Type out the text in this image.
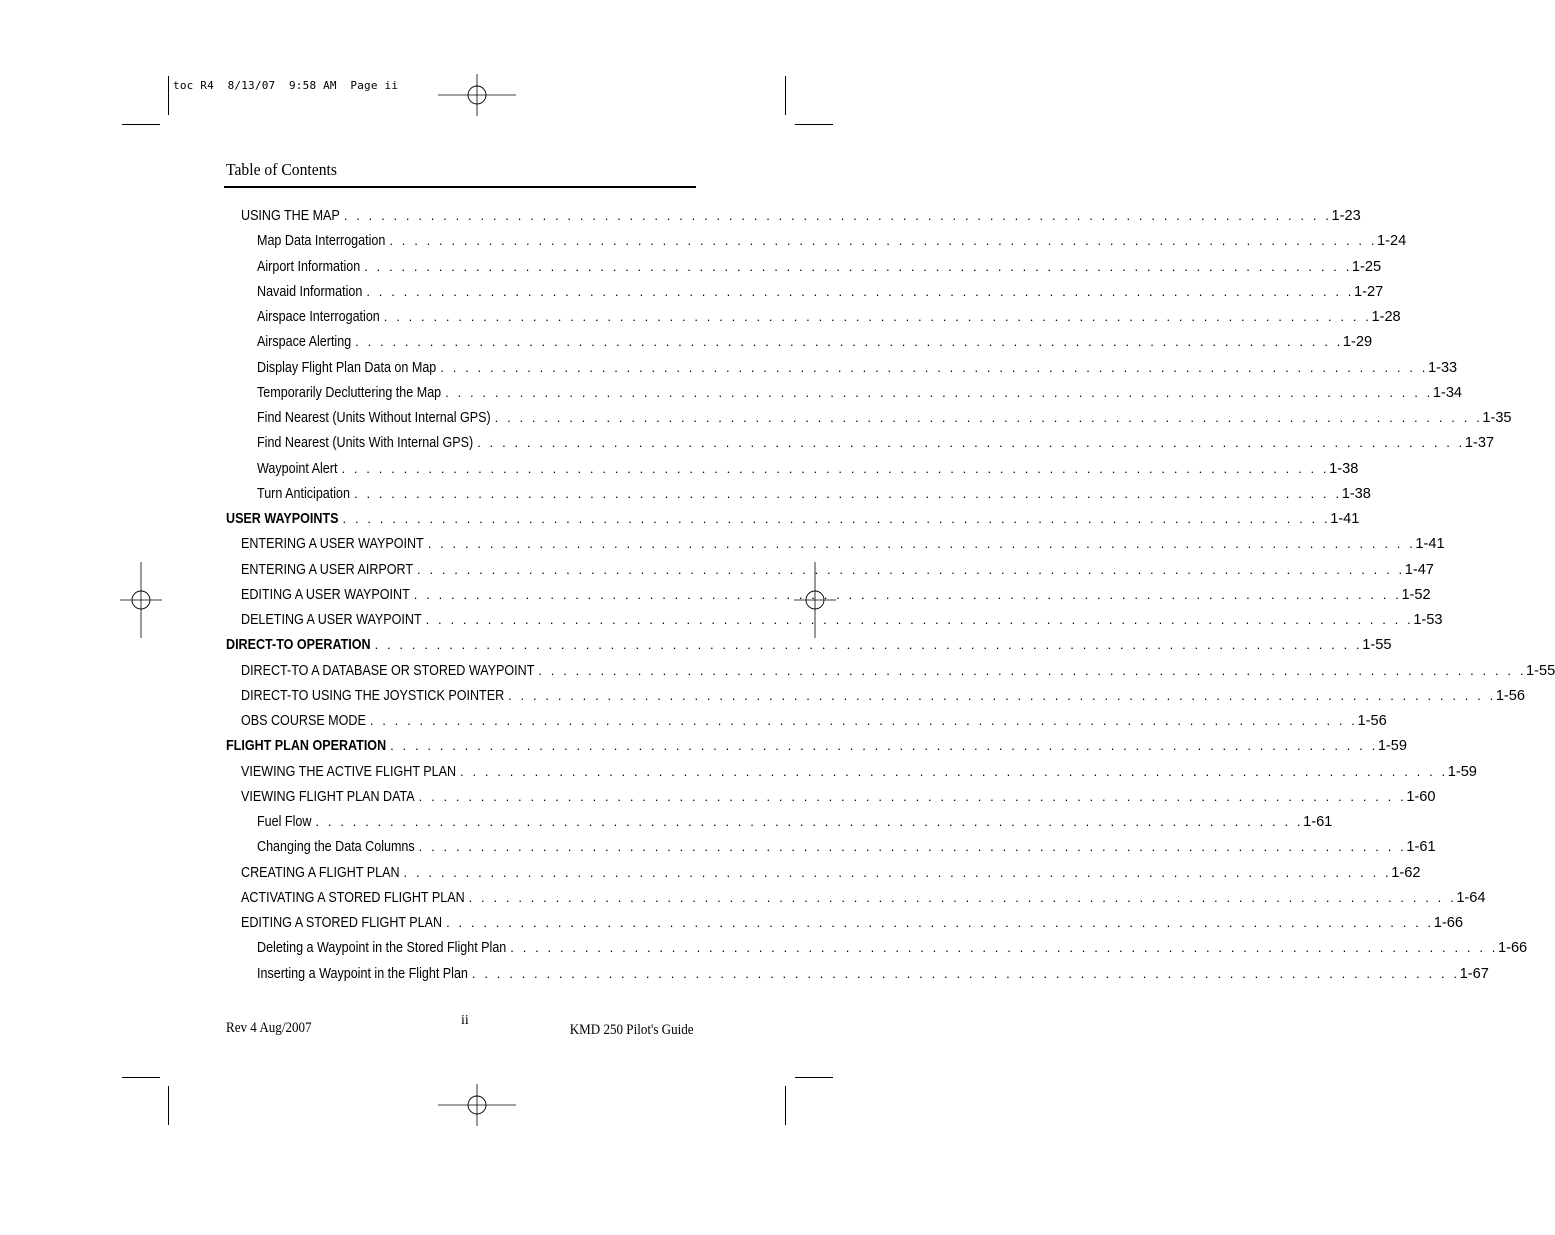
toc R4  8/13/07  9:58 AM  Page ii
Table of Contents
USING THE MAP . . . . . . . . . . . . . . . . . . . . . . . . . . . . . . . . . . . . . . . . . . . . . . . . . . . . . . . . . . . . . . . . . . . . . . . . . . . . . . . . 1-23
Map Data Interrogation . . . . . . . . . . . . . . . . . . . . . . . . . . . . . . . . . . . . . . . . . . . . . . . . . . . . . . . . . . . . . . . . . . . . . . . . . . . . . . . . 1-24
Airport Information . . . . . . . . . . . . . . . . . . . . . . . . . . . . . . . . . . . . . . . . . . . . . . . . . . . . . . . . . . . . . . . . . . . . . . . . . . . . . . . . 1-25
Navaid Information . . . . . . . . . . . . . . . . . . . . . . . . . . . . . . . . . . . . . . . . . . . . . . . . . . . . . . . . . . . . . . . . . . . . . . . . . . . . . . . . 1-27
Airspace Interrogation . . . . . . . . . . . . . . . . . . . . . . . . . . . . . . . . . . . . . . . . . . . . . . . . . . . . . . . . . . . . . . . . . . . . . . . . . . . . . . . . 1-28
Airspace Alerting . . . . . . . . . . . . . . . . . . . . . . . . . . . . . . . . . . . . . . . . . . . . . . . . . . . . . . . . . . . . . . . . . . . . . . . . . . . . . . . . 1-29
Display Flight Plan Data on Map . . . . . . . . . . . . . . . . . . . . . . . . . . . . . . . . . . . . . . . . . . . . . . . . . . . . . . . . . . . . . . . . . . . . . . . . . . . . . . . . 1-33
Temporarily Decluttering the Map . . . . . . . . . . . . . . . . . . . . . . . . . . . . . . . . . . . . . . . . . . . . . . . . . . . . . . . . . . . . . . . . . . . . . . . . . . . . . . . . 1-34
Find Nearest (Units Without Internal GPS) . . . . . . . . . . . . . . . . . . . . . . . . . . . . . . . . . . . . . . . . . . . . . . . . . . . . . . . . . . . . . . . . . . . . . . . . . . . . . . . . 1-35
Find Nearest (Units With Internal GPS) . . . . . . . . . . . . . . . . . . . . . . . . . . . . . . . . . . . . . . . . . . . . . . . . . . . . . . . . . . . . . . . . . . . . . . . . . . . . . . . . 1-37
Waypoint Alert . . . . . . . . . . . . . . . . . . . . . . . . . . . . . . . . . . . . . . . . . . . . . . . . . . . . . . . . . . . . . . . . . . . . . . . . . . . . . . . . 1-38
Turn Anticipation . . . . . . . . . . . . . . . . . . . . . . . . . . . . . . . . . . . . . . . . . . . . . . . . . . . . . . . . . . . . . . . . . . . . . . . . . . . . . . . . 1-38
USER WAYPOINTS . . . . . . . . . . . . . . . . . . . . . . . . . . . . . . . . . . . . . . . . . . . . . . . . . . . . . . . . . . . . . . . . . . . . . . . . . . . . . . . . 1-41
ENTERING A USER WAYPOINT . . . . . . . . . . . . . . . . . . . . . . . . . . . . . . . . . . . . . . . . . . . . . . . . . . . . . . . . . . . . . . . . . . . . . . . . . . . . . . . . 1-41
ENTERING A USER AIRPORT . . . . . . . . . . . . . . . . . . . . . . . . . . . . . . . . . . . . . . . . . . . . . . . . . . . . . . . . . . . . . . . . . . . . . . . . . . . . . . . . 1-47
EDITING A USER WAYPOINT . . . . . . . . . . . . . . . . . . . . . . . . . . . . . . . . . . . . . . . . . . . . . . . . . . . . . . . . . . . . . . . . . . . . . . . . . . . . . . . . 1-52
DELETING A USER WAYPOINT . . . . . . . . . . . . . . . . . . . . . . . . . . . . . . . . . . . . . . . . . . . . . . . . . . . . . . . . . . . . . . . . . . . . . . . . . . . . . . . . 1-53
DIRECT-TO OPERATION . . . . . . . . . . . . . . . . . . . . . . . . . . . . . . . . . . . . . . . . . . . . . . . . . . . . . . . . . . . . . . . . . . . . . . . . . . . . . . . . 1-55
DIRECT-TO A DATABASE OR STORED WAYPOINT . . . . . . . . . . . . . . . . . . . . . . . . . . . . . . . . . . . . . . . . . . . . . . . . . . . . . . . . . . . . . . . . . . . . . . . . . . . . . . . . 1-55
DIRECT-TO USING THE JOYSTICK POINTER . . . . . . . . . . . . . . . . . . . . . . . . . . . . . . . . . . . . . . . . . . . . . . . . . . . . . . . . . . . . . . . . . . . . . . . . . . . . . . . . 1-56
OBS COURSE MODE . . . . . . . . . . . . . . . . . . . . . . . . . . . . . . . . . . . . . . . . . . . . . . . . . . . . . . . . . . . . . . . . . . . . . . . . . . . . . . . . 1-56
FLIGHT PLAN OPERATION . . . . . . . . . . . . . . . . . . . . . . . . . . . . . . . . . . . . . . . . . . . . . . . . . . . . . . . . . . . . . . . . . . . . . . . . . . . . . . . . 1-59
VIEWING THE ACTIVE FLIGHT PLAN . . . . . . . . . . . . . . . . . . . . . . . . . . . . . . . . . . . . . . . . . . . . . . . . . . . . . . . . . . . . . . . . . . . . . . . . . . . . . . . . 1-59
VIEWING FLIGHT PLAN DATA . . . . . . . . . . . . . . . . . . . . . . . . . . . . . . . . . . . . . . . . . . . . . . . . . . . . . . . . . . . . . . . . . . . . . . . . . . . . . . . . 1-60
Fuel Flow . . . . . . . . . . . . . . . . . . . . . . . . . . . . . . . . . . . . . . . . . . . . . . . . . . . . . . . . . . . . . . . . . . . . . . . . . . . . . . . . 1-61
Changing the Data Columns . . . . . . . . . . . . . . . . . . . . . . . . . . . . . . . . . . . . . . . . . . . . . . . . . . . . . . . . . . . . . . . . . . . . . . . . . . . . . . . . 1-61
CREATING A FLIGHT PLAN . . . . . . . . . . . . . . . . . . . . . . . . . . . . . . . . . . . . . . . . . . . . . . . . . . . . . . . . . . . . . . . . . . . . . . . . . . . . . . . . 1-62
ACTIVATING A STORED FLIGHT PLAN . . . . . . . . . . . . . . . . . . . . . . . . . . . . . . . . . . . . . . . . . . . . . . . . . . . . . . . . . . . . . . . . . . . . . . . . . . . . . . . . 1-64
EDITING A STORED FLIGHT PLAN . . . . . . . . . . . . . . . . . . . . . . . . . . . . . . . . . . . . . . . . . . . . . . . . . . . . . . . . . . . . . . . . . . . . . . . . . . . . . . . . 1-66
Deleting a Waypoint in the Stored Flight Plan . . . . . . . . . . . . . . . . . . . . . . . . . . . . . . . . . . . . . . . . . . . . . . . . . . . . . . . . . . . . . . . . . . . . . . . . . . . . . . . . 1-66
Inserting a Waypoint in the Flight Plan . . . . . . . . . . . . . . . . . . . . . . . . . . . . . . . . . . . . . . . . . . . . . . . . . . . . . . . . . . . . . . . . . . . . . . . . . . . . . . . . 1-67
Rev 4 Aug/2007	ii
KMD 250 Pilot's Guide
